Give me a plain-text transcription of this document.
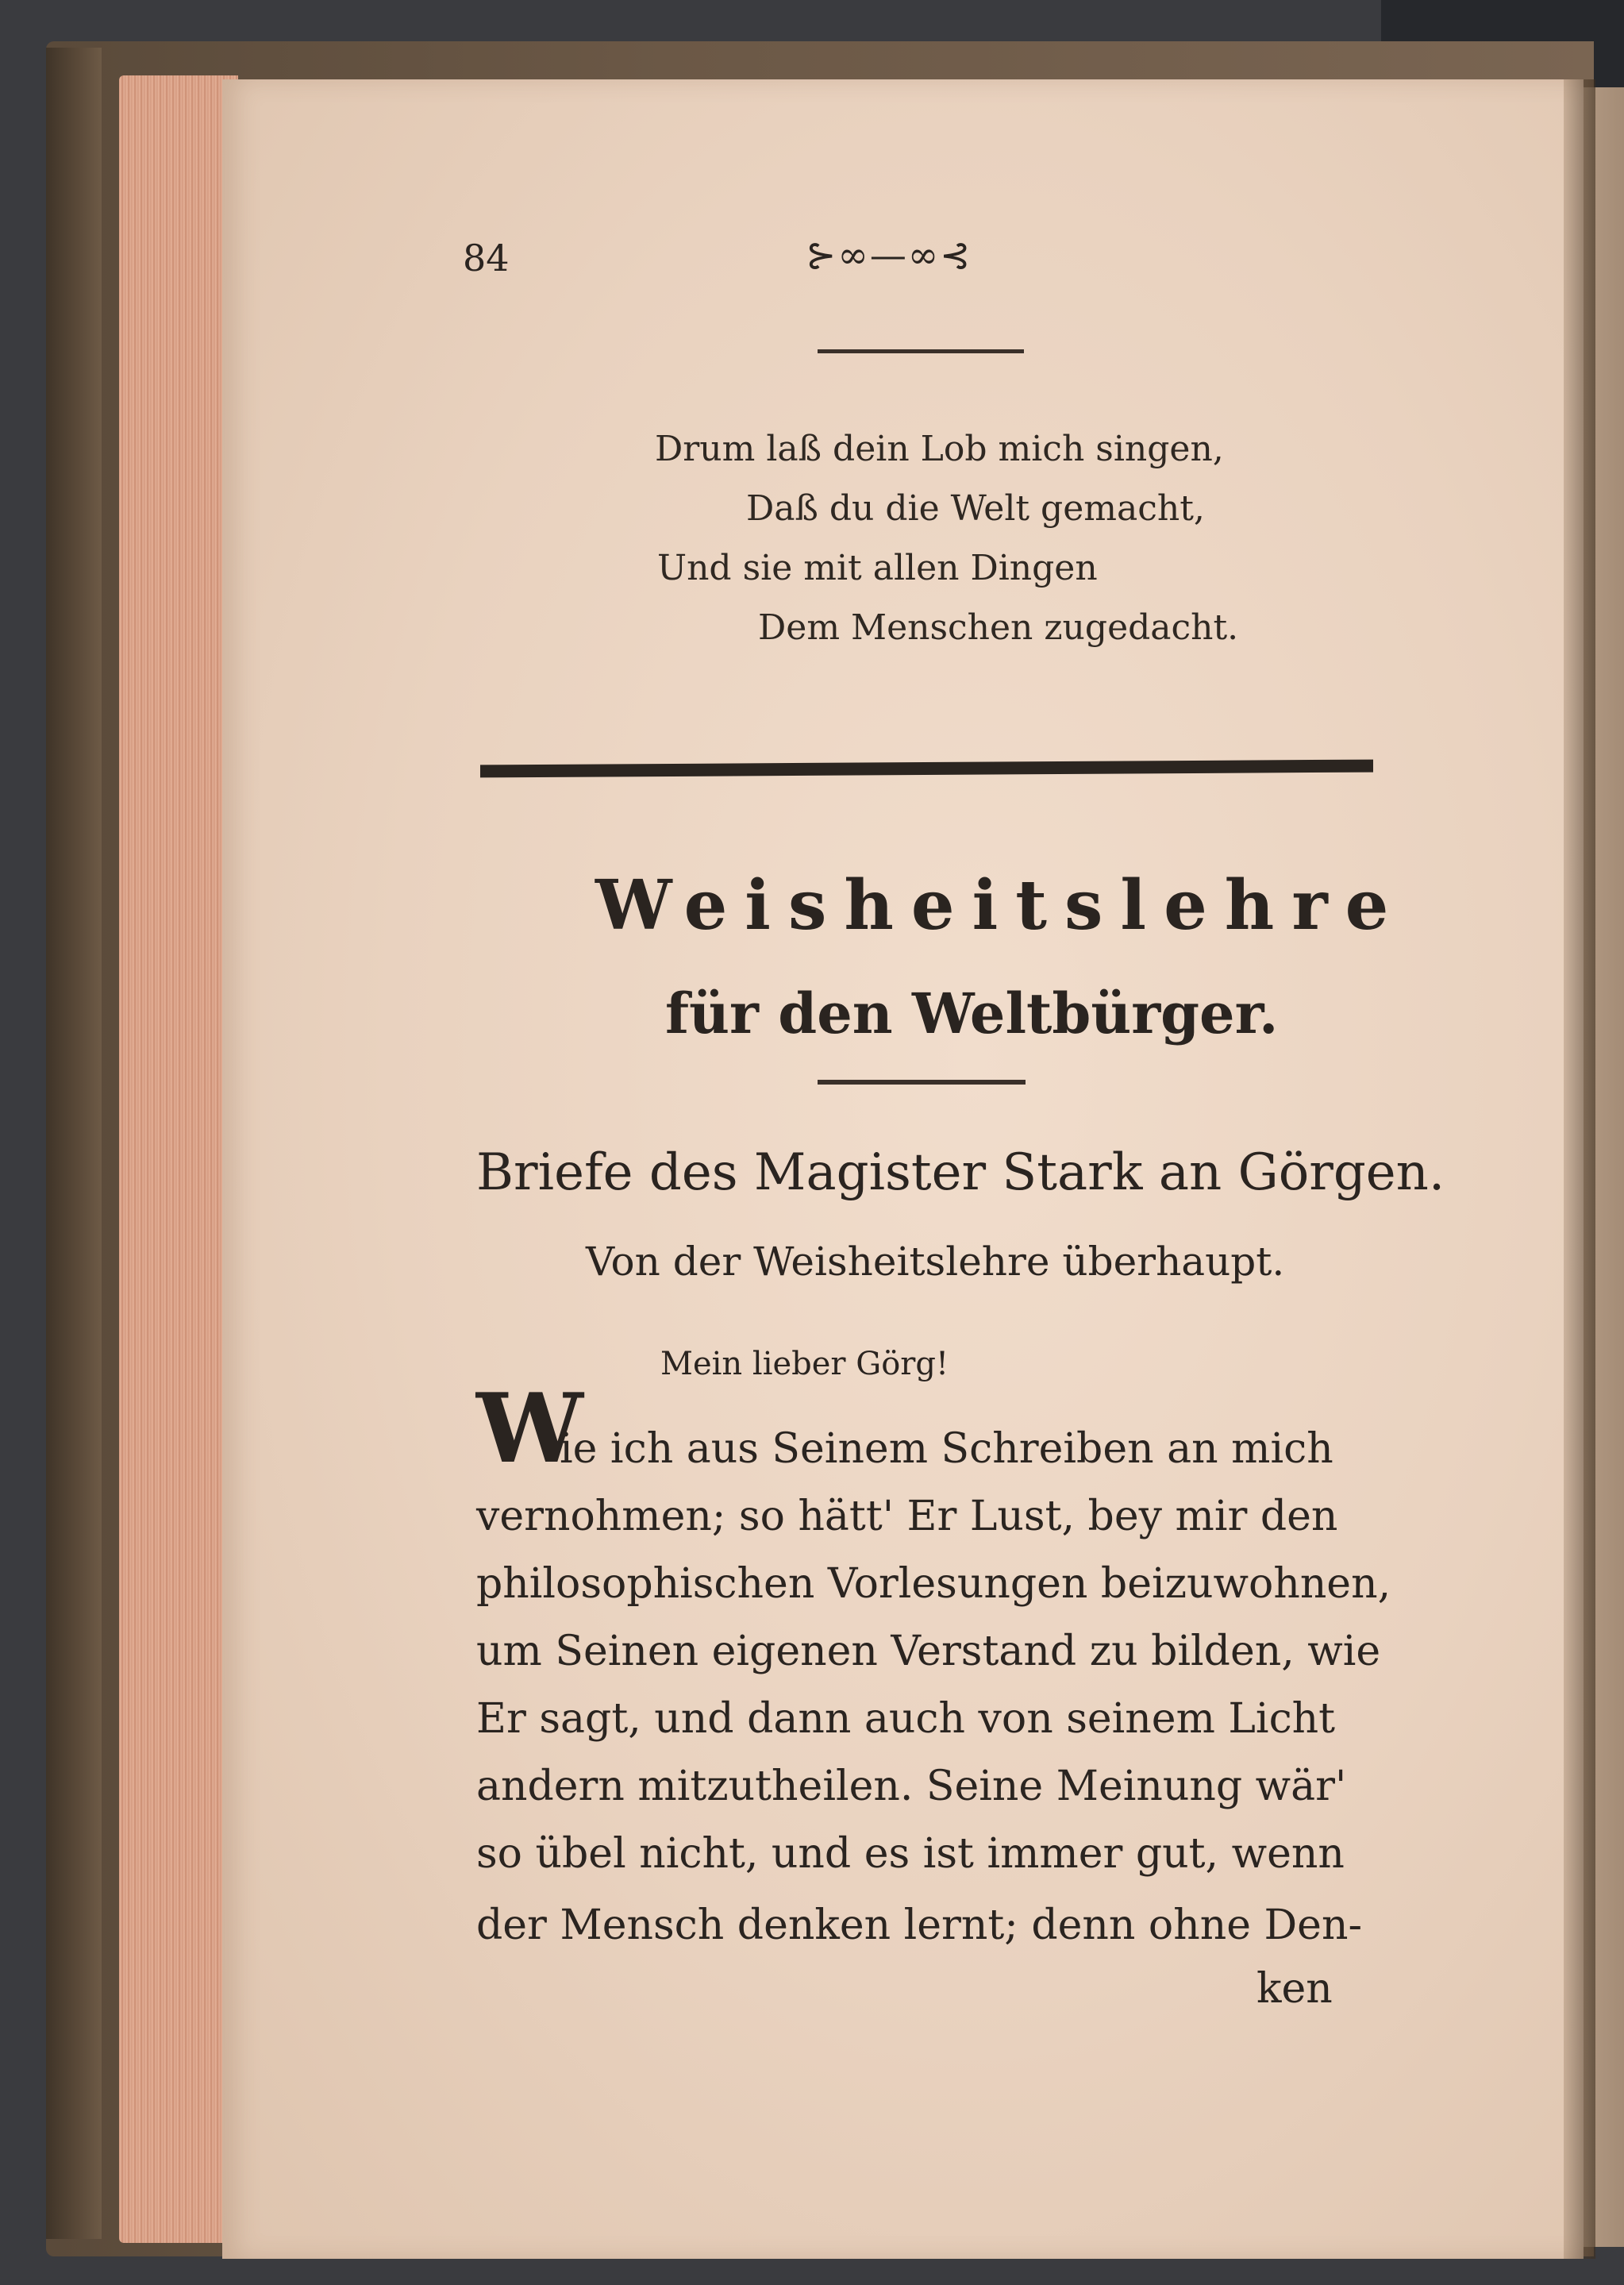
84	⊱∞—∞⊰
Drum laß dein Lob mich singen,
Daß du die Welt gemacht,
Und sie mit allen Dingen
Dem Menschen zugedacht.
Weisheitslehre
für den Weltbürger.
Briefe des Magister Stark an Görgen.
Von der Weisheitslehre überhaupt.
Mein lieber Görg!
W
ie ich aus Seinem Schreiben an mich
vernohmen; so hätt' Er Lust, bey mir den
philosophischen Vorlesungen beizuwohnen,
um Seinen eigenen Verstand zu bilden, wie
Er sagt, und dann auch von seinem Licht
andern mitzutheilen. Seine Meinung wär'
so übel nicht, und es ist immer gut, wenn
der Mensch denken lernt; denn ohne Den-
ken
